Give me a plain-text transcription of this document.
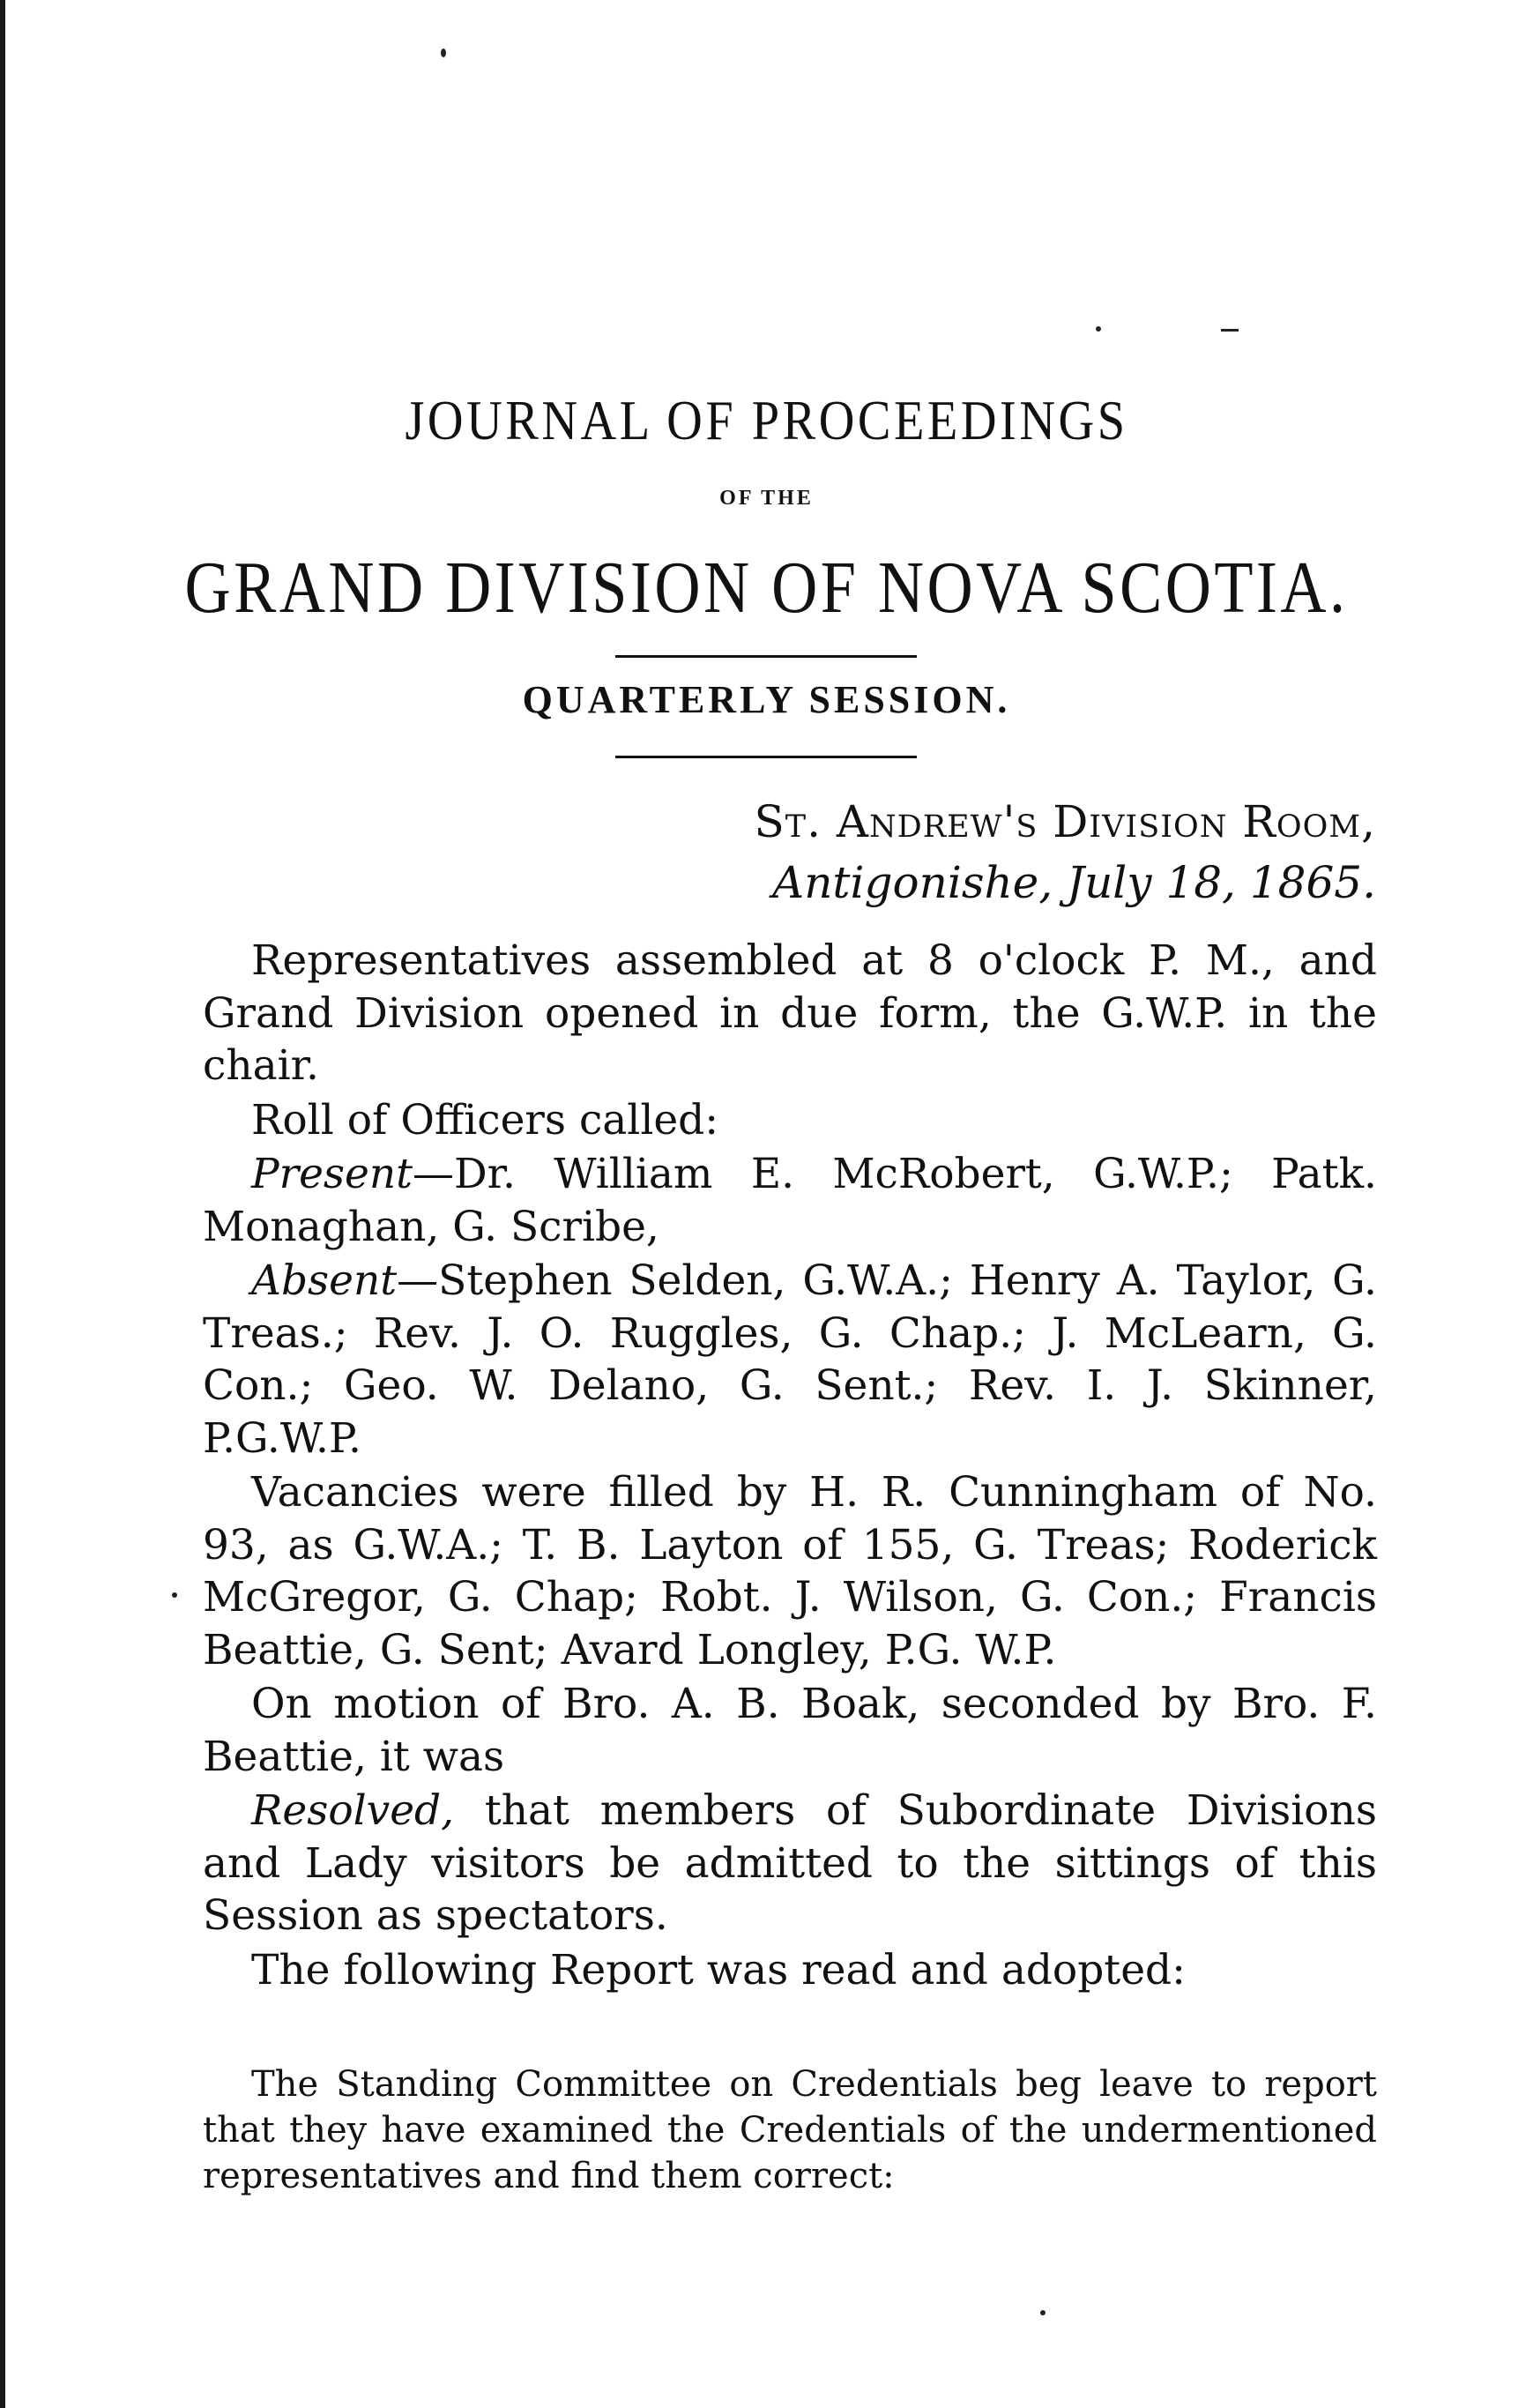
JOURNAL OF PROCEEDINGS
OF THE
GRAND DIVISION OF NOVA SCOTIA.
QUARTERLY SESSION.
St. Andrew's Division Room,
Antigonishe, July 18, 1865.

Representatives assembled at 8 o'clock P. M., and Grand Division opened in due form, the G.W.P. in the chair.

Roll of Officers called:

Present—Dr. William E. McRobert, G.W.P.; Patk. Monaghan, G. Scribe,

Absent—Stephen Selden, G.W.A.; Henry A. Taylor, G. Treas.; Rev. J. O. Ruggles, G. Chap.; J. McLearn, G. Con.; Geo. W. Delano, G. Sent.; Rev. I. J. Skinner, P.G.W.P.

Vacancies were filled by H. R. Cunningham of No. 93, as G.W.A.; T. B. Layton of 155, G. Treas; Roderick McGregor, G. Chap; Robt. J. Wilson, G. Con.; Francis Beattie, G. Sent; Avard Longley, P.G. W.P.

On motion of Bro. A. B. Boak, seconded by Bro. F. Beattie, it was

Resolved, that members of Subordinate Divisions and Lady visitors be admitted to the sittings of this Session as spectators.

The following Report was read and adopted:

The Standing Committee on Credentials beg leave to report that they have examined the Credentials of the undermentioned representatives and find them correct:
